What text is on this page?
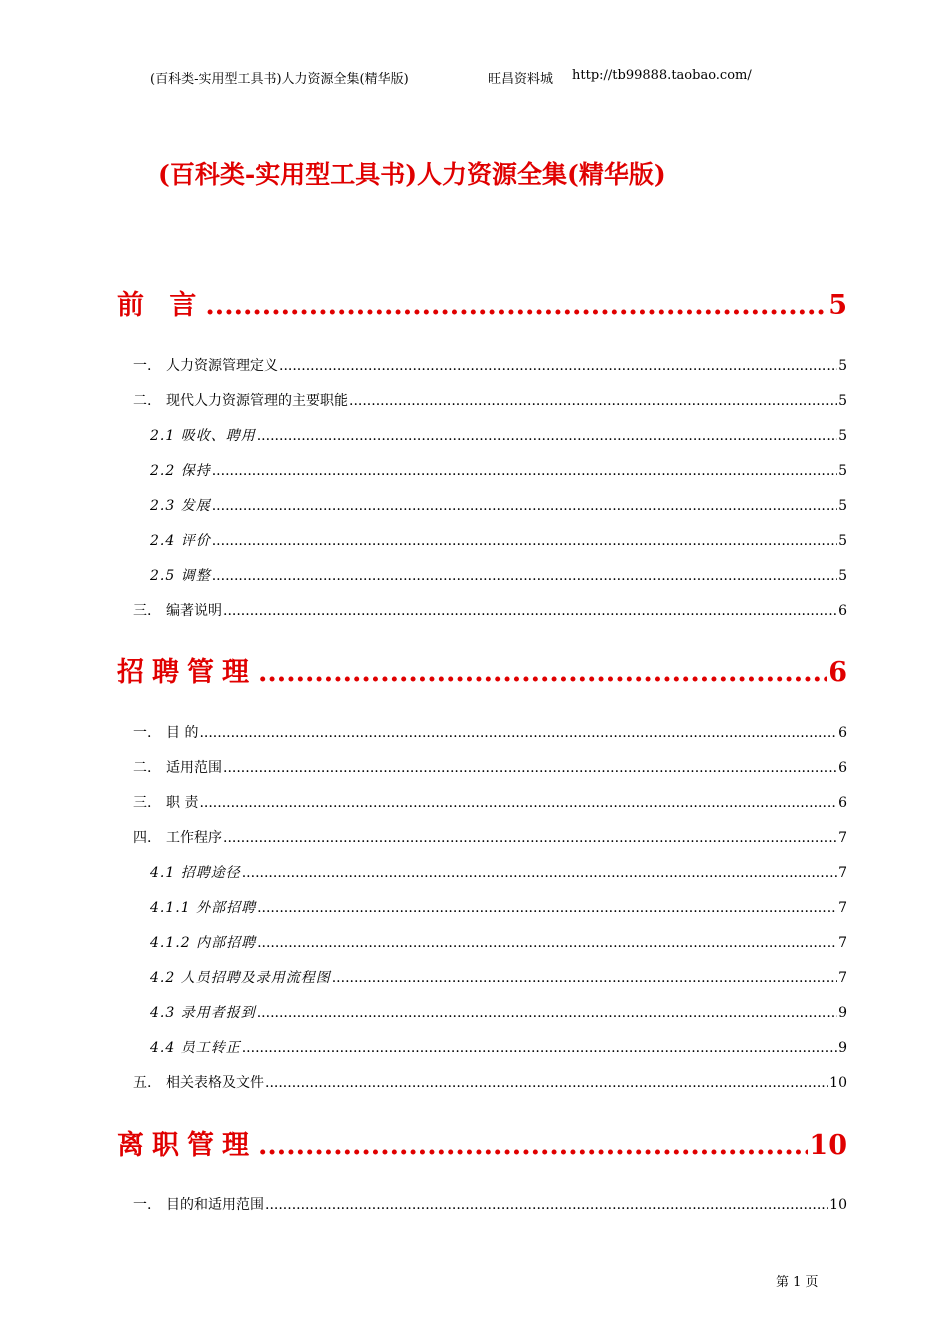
(百科类-实用型工具书)人力资源全集(精华版)	旺昌资料城 http://tb99888.taobao.com/
(百科类-实用型工具书)人力资源全集(精华版)
前 言 .....	5
一. 人力资源管理定义 .....	5
二. 现代人力资源管理的主要职能 .....	5
2.1 吸收、聘用 .....	5
2.2 保持 .....	5
2.3 发展 .....	5
2.4 评价 .....	5
2.5 调整 .....	5
三. 编著说明 .....	6
招聘管理 .....	6
一. 目 的 .....	6
二. 适用范围 .....	6
三. 职 责 .....	6
四. 工作程序 .....	7
4.1 招聘途径 .....	7
4.1.1 外部招聘 .....	7
4.1.2 内部招聘 .....	7
4.2 人员招聘及录用流程图 .....	7
4.3 录用者报到 .....	9
4.4 员工转正 .....	9
五. 相关表格及文件 .....	10
离职管理 .....	10
一. 目的和适用范围 .....	10
第 1 页
